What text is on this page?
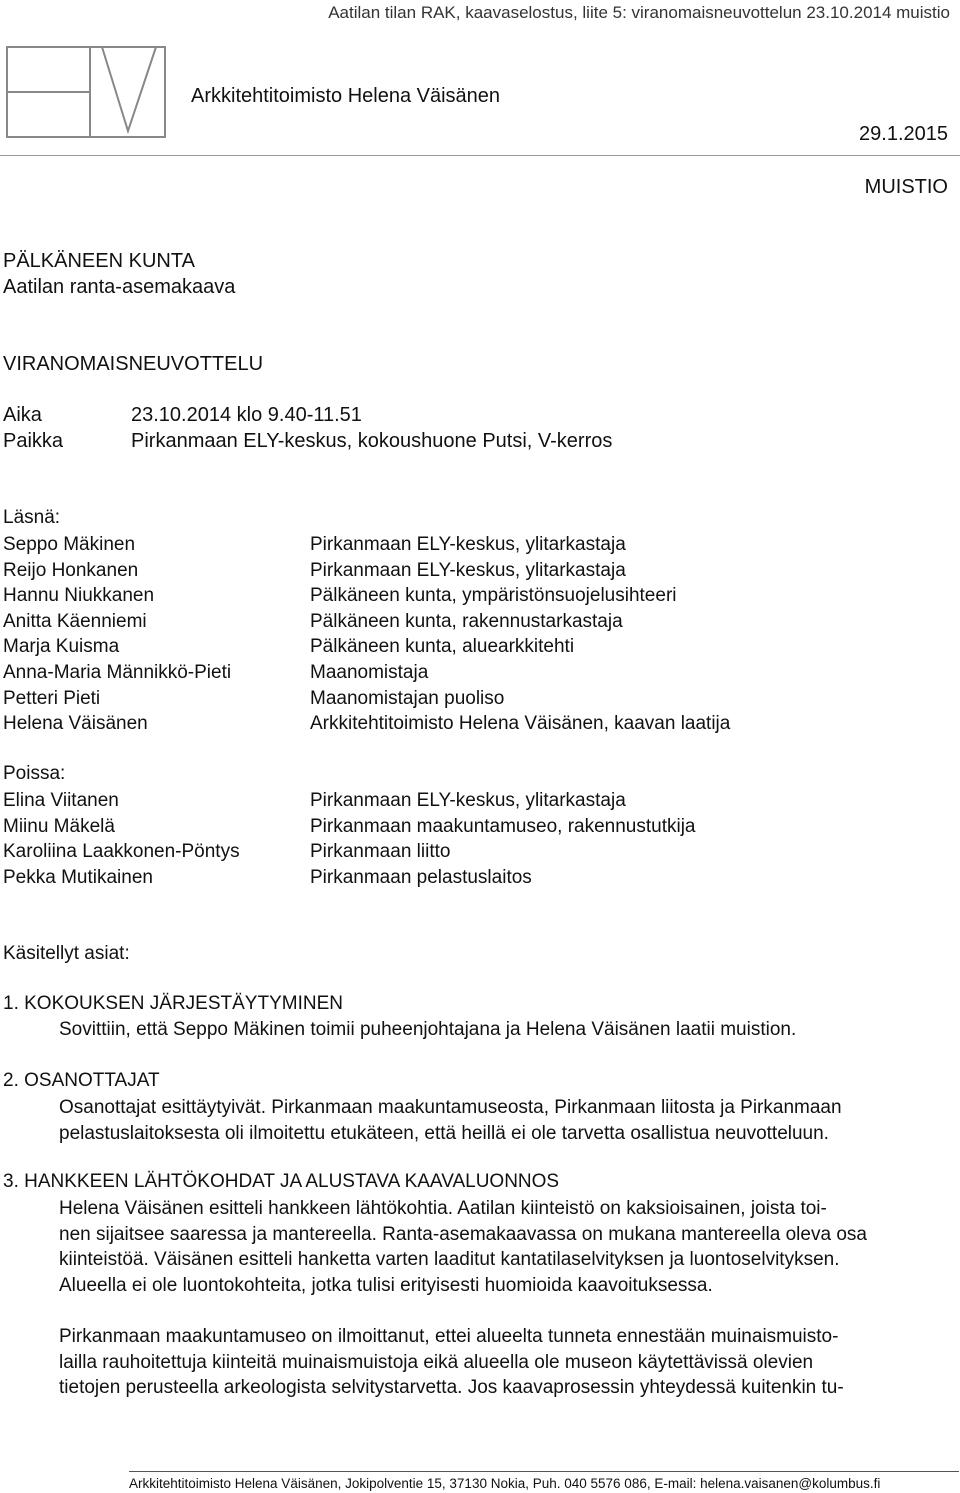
Aatilan tilan RAK, kaavaselostus, liite 5: viranomaisneuvottelun 23.10.2014 muistio
Arkkitehtitoimisto Helena Väisänen
29.1.2015
MUISTIO
PÄLKÄNEEN KUNTA
Aatilan ranta-asemakaava
VIRANOMAISNEUVOTTELU
Aika	23.10.2014 klo 9.40-11.51
Paikka	Pirkanmaan ELY-keskus, kokoushuone Putsi, V-kerros
Läsnä:
Seppo Mäkinen
Reijo Honkanen
Hannu Niukkanen
Anitta Käenniemi
Marja Kuisma
Anna-Maria Männikkö-Pieti
Petteri Pieti
Helena Väisänen
Pirkanmaan ELY-keskus, ylitarkastaja
Pirkanmaan ELY-keskus, ylitarkastaja
Pälkäneen kunta, ympäristönsuojelusihteeri
Pälkäneen kunta, rakennustarkastaja
Pälkäneen kunta, aluearkkitehti
Maanomistaja
Maanomistajan puoliso
Arkkitehtitoimisto Helena Väisänen, kaavan laatija
Poissa:
Elina Viitanen
Miinu Mäkelä
Karoliina Laakkonen-Pöntys
Pekka Mutikainen
Pirkanmaan ELY-keskus, ylitarkastaja
Pirkanmaan maakuntamuseo, rakennustutkija
Pirkanmaan liitto
Pirkanmaan pelastuslaitos
Käsitellyt asiat:
1. KOKOUKSEN JÄRJESTÄYTYMINEN
Sovittiin, että Seppo Mäkinen toimii puheenjohtajana ja Helena Väisänen laatii muistion.
2. OSANOTTAJAT
Osanottajat esittäytyivät. Pirkanmaan maakuntamuseosta, Pirkanmaan liitosta ja Pirkanmaan
pelastuslaitoksesta oli ilmoitettu etukäteen, että heillä ei ole tarvetta osallistua neuvotteluun.
3. HANKKEEN LÄHTÖKOHDAT JA ALUSTAVA KAAVALUONNOS
Helena Väisänen esitteli hankkeen lähtökohtia. Aatilan kiinteistö on kaksioisainen, joista toi-
nen sijaitsee saaressa ja mantereella. Ranta-asemakaavassa on mukana mantereella oleva osa
kiinteistöä. Väisänen esitteli hanketta varten laaditut kantatilaselvityksen ja luontoselvityksen.
Alueella ei ole luontokohteita, jotka tulisi erityisesti huomioida kaavoituksessa.
Pirkanmaan maakuntamuseo on ilmoittanut, ettei alueelta tunneta ennestään muinaismuisto-
lailla rauhoitettuja kiinteitä muinaismuistoja eikä alueella ole museon käytettävissä olevien
tietojen perusteella arkeologista selvitystarvetta. Jos kaavaprosessin yhteydessä kuitenkin tu-
Arkkitehtitoimisto Helena Väisänen, Jokipolventie 15, 37130 Nokia, Puh. 040 5576 086, E-mail: helena.vaisanen@kolumbus.fi
